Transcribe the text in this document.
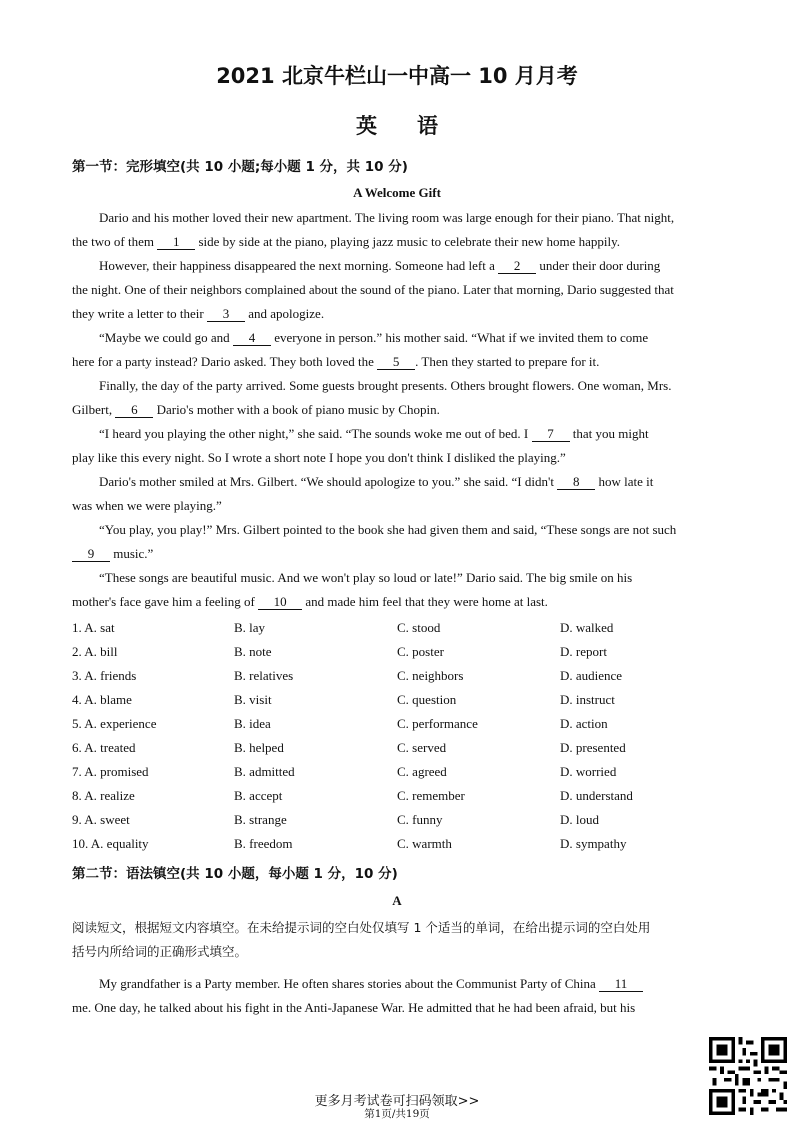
2021 北京牛栏山一中高一 10 月月考
英 语
第一节：完形填空(共 10 小题;每小题 1 分，共 10 分)
A Welcome Gift
Dario and his mother loved their new apartment. The living room was large enough for their piano. That night,
the two of them 1 side by side at the piano, playing jazz music to celebrate their new home happily.
However, their happiness disappeared the next morning. Someone had left a 2 under their door during
the night. One of their neighbors complained about the sound of the piano. Later that morning, Dario suggested that
they write a letter to their 3 and apologize.
“Maybe we could go and 4 everyone in person.” his mother said. “What if we invited them to come
here for a party instead? Dario asked. They both loved the 5 . Then they started to prepare for it.
Finally, the day of the party arrived. Some guests brought presents. Others brought flowers. One woman, Mrs.
Gilbert, 6 Dario's mother with a book of piano music by Chopin.
“I heard you playing the other night,” she said. “The sounds woke me out of bed. I 7 that you might
play like this every night. So I wrote a short note I hope you don't think I disliked the playing.”
Dario's mother smiled at Mrs. Gilbert. “We should apologize to you.” she said. “I didn't 8 how late it
was when we were playing.”
“You play, you play!” Mrs. Gilbert pointed to the book she had given them and said, “These songs are not such
9 music.”
“These songs are beautiful music. And we won't play so loud or late!” Dario said. The big smile on his
mother's face gave him a feeling of 10 and made him feel that they were home at last.
1. A. sat	B. lay	C. stood	D. walked
2. A. bill	B. note	C. poster	D. report
3. A. friends	B. relatives	C. neighbors	D. audience
4. A. blame	B. visit	C. question	D. instruct
5. A. experience	B. idea	C. performance	D. action
6. A. treated	B. helped	C. served	D. presented
7. A. promised	B. admitted	C. agreed	D. worried
8. A. realize	B. accept	C. remember	D. understand
9. A. sweet	B. strange	C. funny	D. loud
10. A. equality	B. freedom	C. warmth	D. sympathy
第二节：语法镇空(共 10 小题，每小题 1 分，10 分)
A
阅读短文，根据短文内容填空。在未给提示词的空白处仅填写 1 个适当的单词，在给出提示词的空白处用
括号内所给词的正确形式填空。
My grandfather is a Party member. He often shares stories about the Communist Party of China 11
me. One day, he talked about his fight in the Anti-Japanese War. He admitted that he had been afraid, but his
更多月考试卷可扫码领取>>
第1页/共19页
